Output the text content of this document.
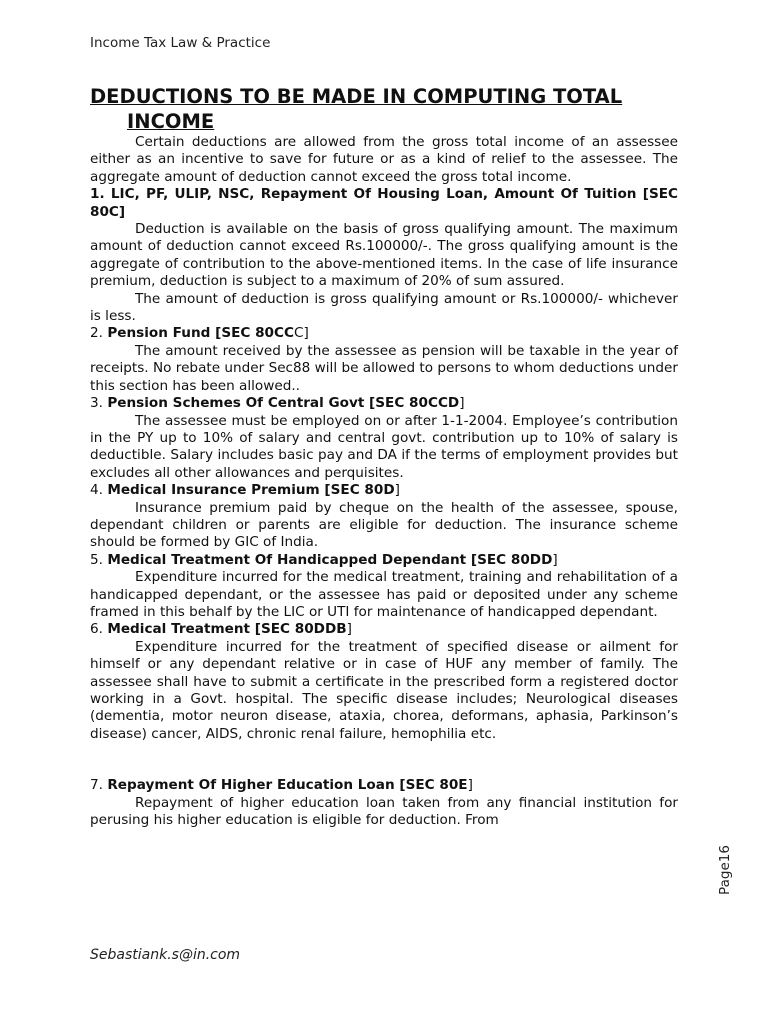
Income Tax Law & Practice
DEDUCTIONS TO BE MADE IN COMPUTING TOTAL
INCOME

Certain deductions are allowed from the gross total income of an assessee either as an incentive to save for future or as a kind of relief to the assessee. The aggregate amount of deduction cannot exceed the gross total income.

1. LIC, PF, ULIP, NSC, Repayment Of Housing Loan, Amount Of Tuition [SEC 80C]

Deduction is available on the basis of gross qualifying amount. The maximum amount of deduction cannot exceed Rs.100000/-. The gross qualifying amount is the aggregate of contribution to the above-mentioned items. In the case of life insurance premium, deduction is subject to a maximum of 20% of sum assured.

The amount of deduction is gross qualifying amount or Rs.100000/- whichever is less.

2. Pension Fund [SEC 80CCC]

The amount received by the assessee as pension will be taxable in the year of receipts. No rebate under Sec88 will be allowed to persons to whom deductions under this section has been allowed..

3. Pension Schemes Of Central Govt [SEC 80CCD]

The assessee must be employed on or after 1-1-2004. Employee’s contribution in the PY up to 10% of salary and central govt. contribution up to 10% of salary is deductible. Salary includes basic pay and DA if the terms of employment provides but excludes all other allowances and perquisites.

4. Medical Insurance Premium [SEC 80D]

Insurance premium paid by cheque on the health of the assessee, spouse, dependant children or parents are eligible for deduction. The insurance scheme should be formed by GIC of India.

5. Medical Treatment Of Handicapped Dependant [SEC 80DD]

Expenditure incurred for the medical treatment, training and rehabilitation of a handicapped dependant, or the assessee has paid or deposited under any scheme framed in this behalf by the LIC or UTI for maintenance of handicapped dependant.

6. Medical Treatment [SEC 80DDB]

Expenditure incurred for the treatment of specified disease or ailment for himself or any dependant relative or in case of HUF any member of family. The assessee shall have to submit a certificate in the prescribed form a registered doctor working in a Govt. hospital. The specific disease includes; Neurological diseases (dementia, motor neuron disease, ataxia, chorea, deformans, aphasia, Parkinson’s disease) cancer, AIDS, chronic renal failure, hemophilia etc.

7. Repayment Of Higher Education Loan [SEC 80E]

Repayment of higher education loan taken from any financial institution for perusing his higher education is eligible for deduction. From

Page16
Sebastiank.s@in.com
